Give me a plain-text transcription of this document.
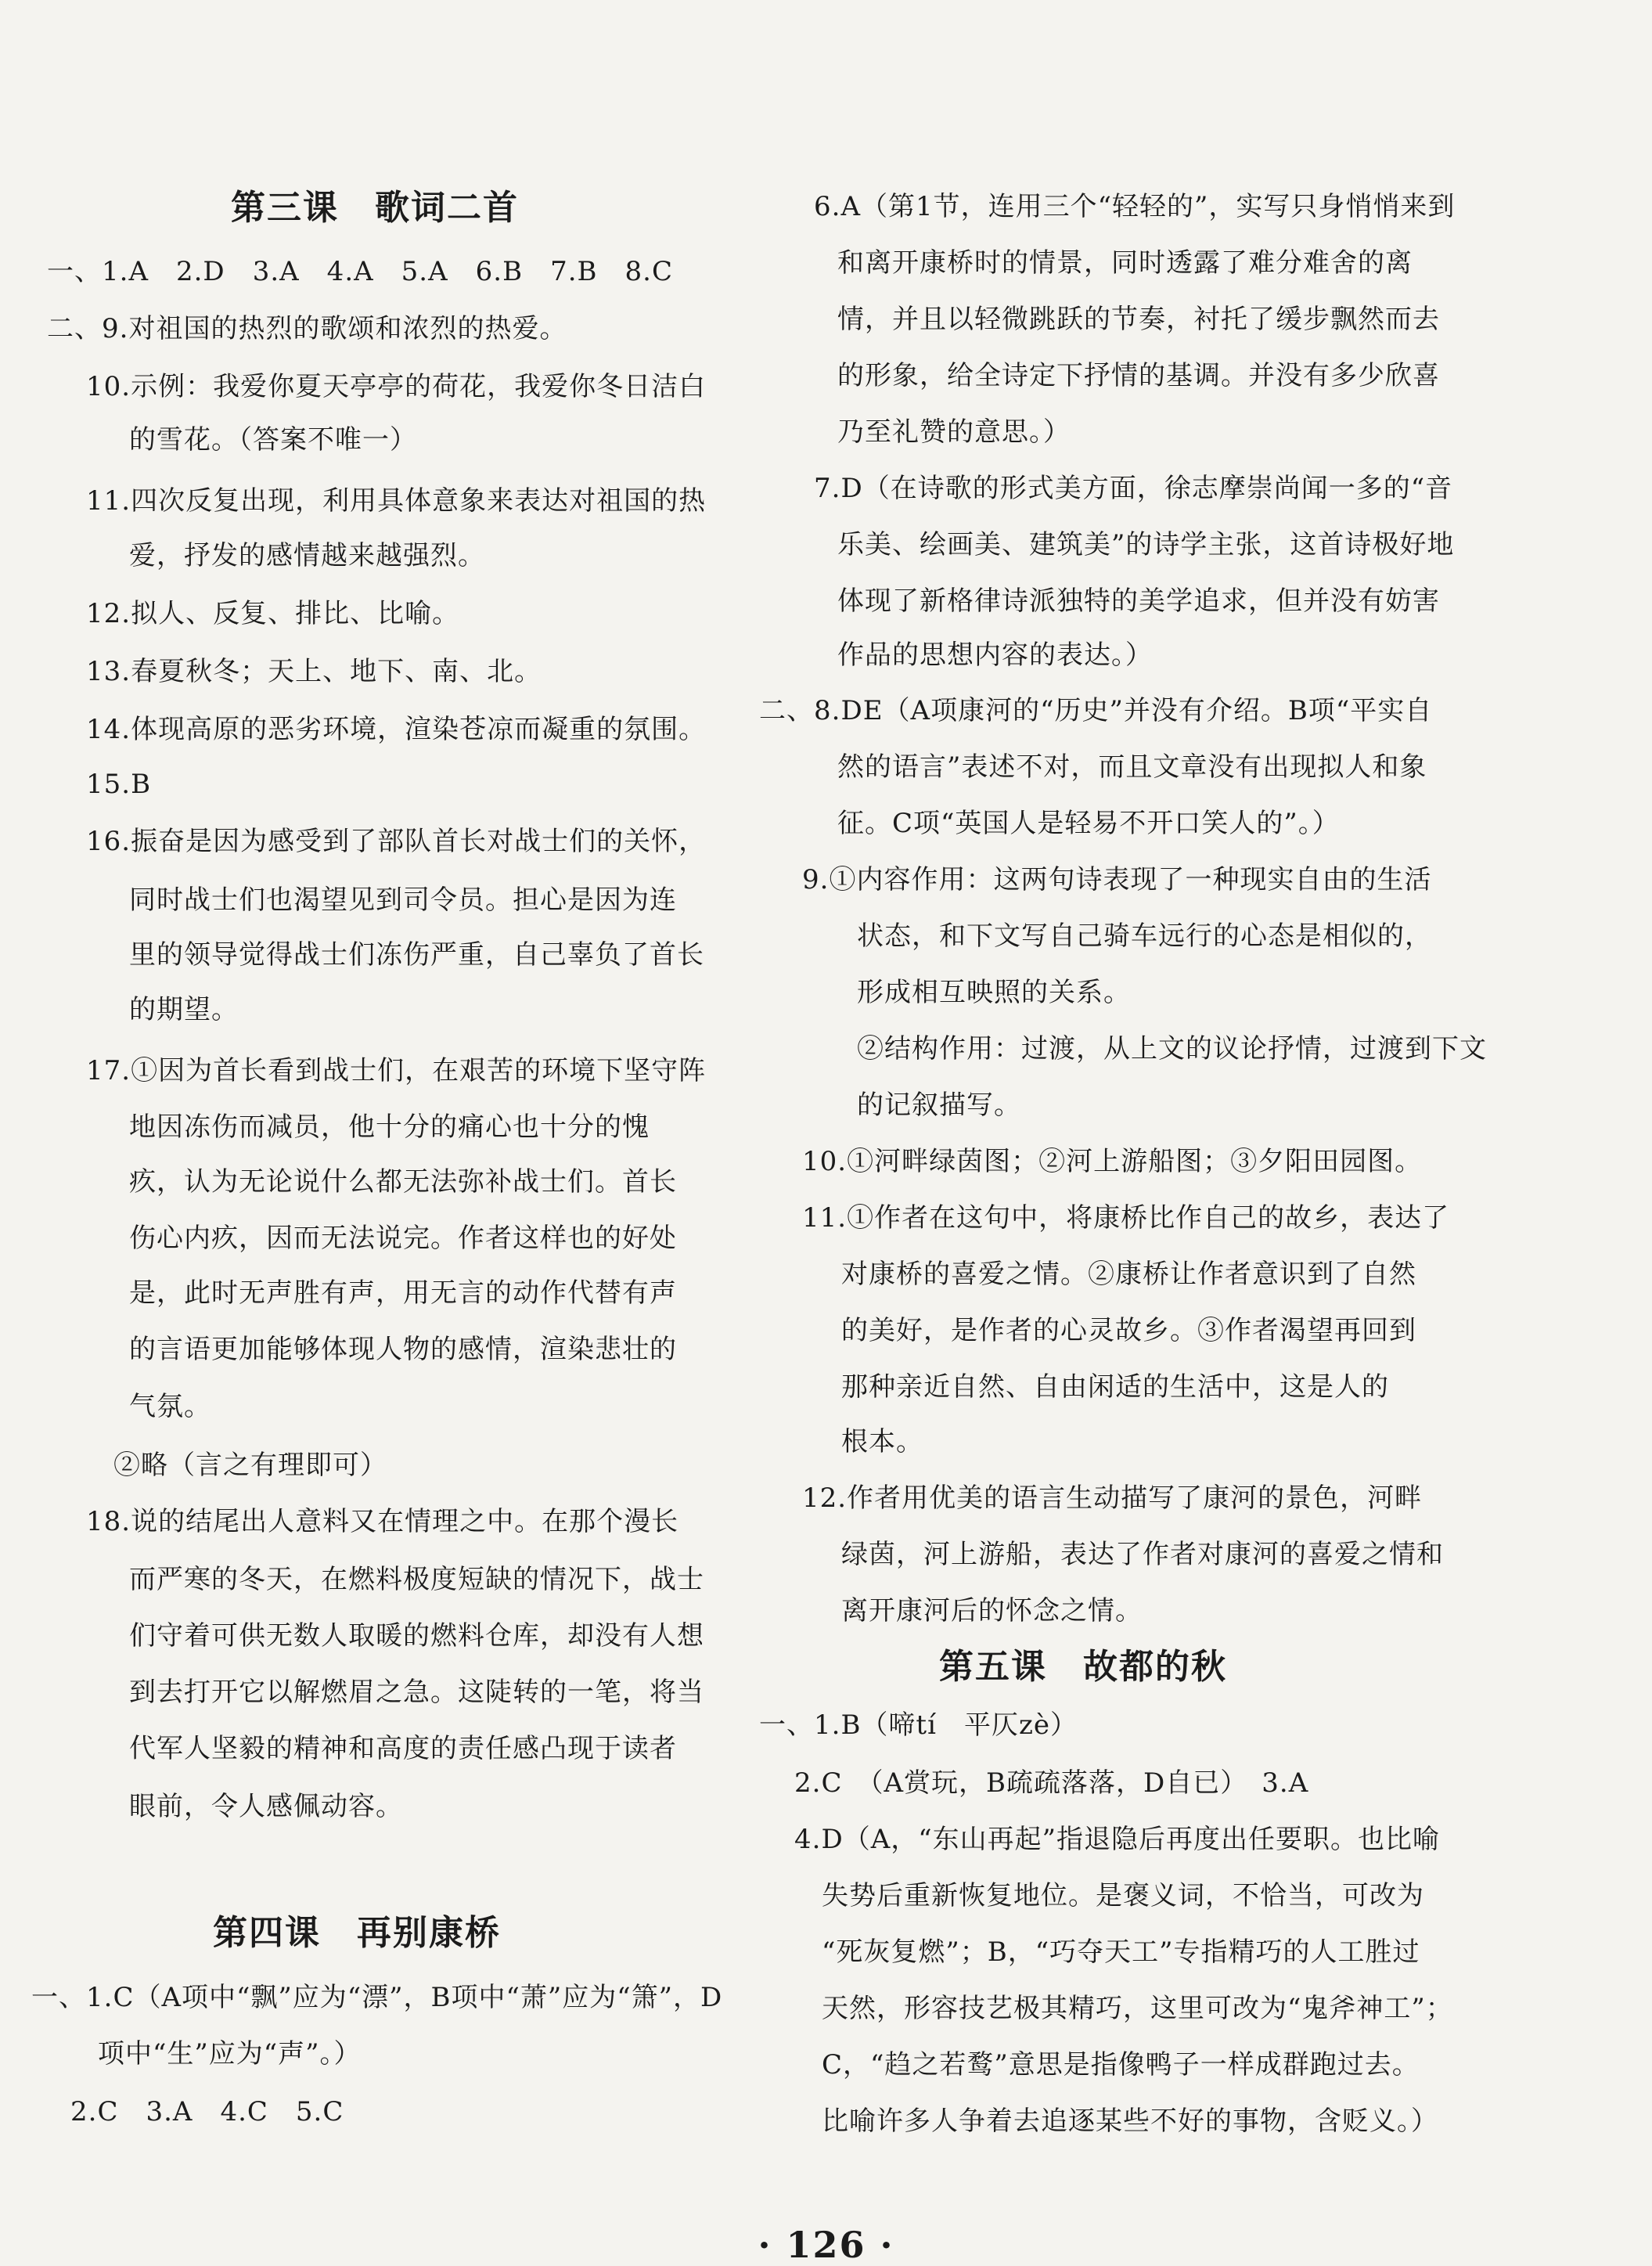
第三课　歌词二首
一、1.A　2.D　3.A　4.A　5.A　6.B　7.B　8.C
二、9.对祖国的热烈的歌颂和浓烈的热爱。
10.示例：我爱你夏天亭亭的荷花，我爱你冬日洁白
的雪花。（答案不唯一）
11.四次反复出现，利用具体意象来表达对祖国的热
爱，抒发的感情越来越强烈。
12.拟人、反复、排比、比喻。
13.春夏秋冬；天上、地下、南、北。
14.体现高原的恶劣环境，渲染苍凉而凝重的氛围。
15.B
16.振奋是因为感受到了部队首长对战士们的关怀，
同时战士们也渴望见到司令员。担心是因为连
里的领导觉得战士们冻伤严重，自己辜负了首长
的期望。
17.①因为首长看到战士们，在艰苦的环境下坚守阵
地因冻伤而减员，他十分的痛心也十分的愧
疚，认为无论说什么都无法弥补战士们。首长
伤心内疚，因而无法说完。作者这样也的好处
是，此时无声胜有声，用无言的动作代替有声
的言语更加能够体现人物的感情，渲染悲壮的
气氛。
②略（言之有理即可）
18.说的结尾出人意料又在情理之中。在那个漫长
而严寒的冬天，在燃料极度短缺的情况下，战士
们守着可供无数人取暖的燃料仓库，却没有人想
到去打开它以解燃眉之急。这陡转的一笔，将当
代军人坚毅的精神和高度的责任感凸现于读者
眼前，令人感佩动容。
第四课　再别康桥
一、1.C（A项中“飘”应为“漂”，B项中“萧”应为“箫”，D
项中“生”应为“声”。）
2.C　3.A　4.C　5.C
6.A（第1节，连用三个“轻轻的”，实写只身悄悄来到
和离开康桥时的情景，同时透露了难分难舍的离
情，并且以轻微跳跃的节奏，衬托了缓步飘然而去
的形象，给全诗定下抒情的基调。并没有多少欣喜
乃至礼赞的意思。）
7.D（在诗歌的形式美方面，徐志摩崇尚闻一多的“音
乐美、绘画美、建筑美”的诗学主张，这首诗极好地
体现了新格律诗派独特的美学追求，但并没有妨害
作品的思想内容的表达。）
二、8.DE（A项康河的“历史”并没有介绍。B项“平实自
然的语言”表述不对，而且文章没有出现拟人和象
征。C项“英国人是轻易不开口笑人的”。）
9.①内容作用：这两句诗表现了一种现实自由的生活
状态，和下文写自己骑车远行的心态是相似的，
形成相互映照的关系。
②结构作用：过渡，从上文的议论抒情，过渡到下文
的记叙描写。
10.①河畔绿茵图；②河上游船图；③夕阳田园图。
11.①作者在这句中，将康桥比作自己的故乡，表达了
对康桥的喜爱之情。②康桥让作者意识到了自然
的美好，是作者的心灵故乡。③作者渴望再回到
那种亲近自然、自由闲适的生活中，这是人的
根本。
12.作者用优美的语言生动描写了康河的景色，河畔
绿茵，河上游船，表达了作者对康河的喜爱之情和
离开康河后的怀念之情。
第五课　故都的秋
一、1.B（啼tí　平仄zè）
2.C　（A赏玩，B疏疏落落，D自已）　3.A
4.D（A，“东山再起”指退隐后再度出任要职。也比喻
失势后重新恢复地位。是褒义词，不恰当，可改为
“死灰复燃”；B，“巧夺天工”专指精巧的人工胜过
天然，形容技艺极其精巧，这里可改为“鬼斧神工”；
C，“趋之若鹜”意思是指像鸭子一样成群跑过去。
比喻许多人争着去追逐某些不好的事物，含贬义。）
· 126 ·
